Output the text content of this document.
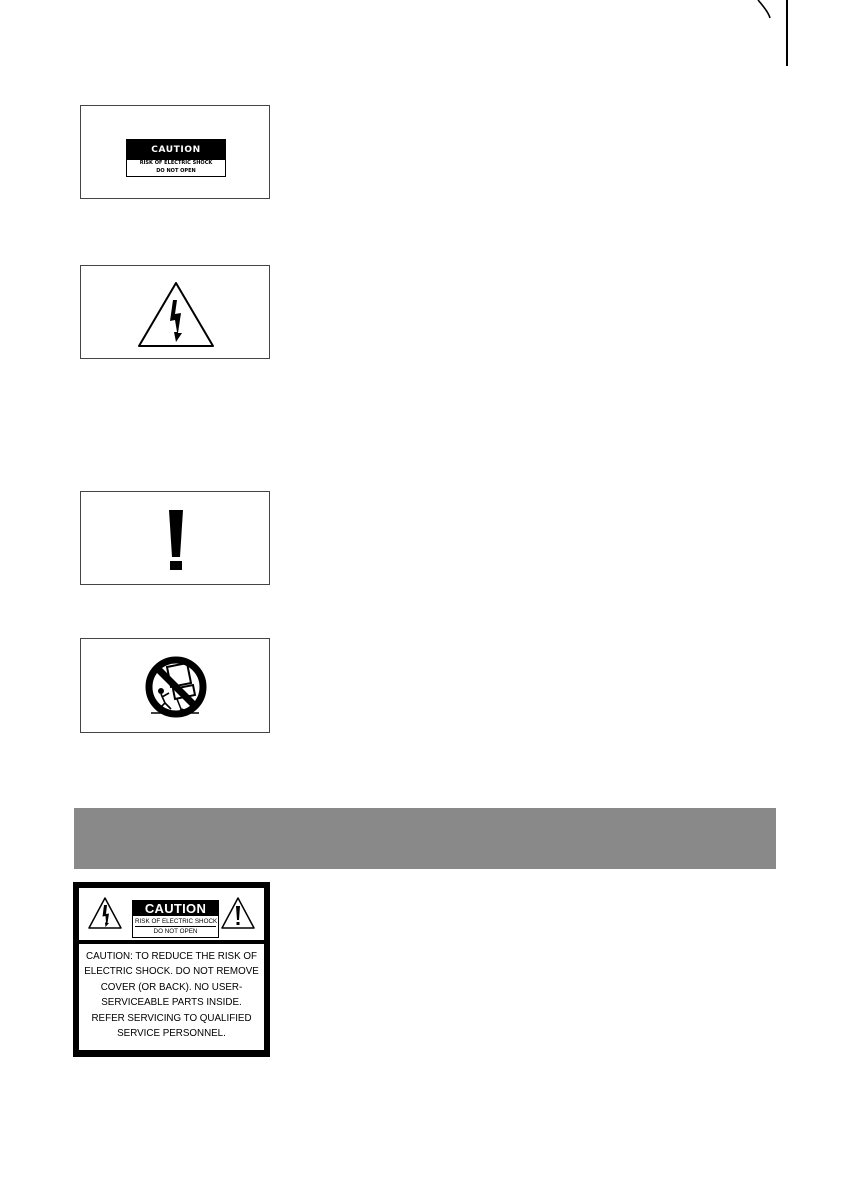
CAUTION
RISK OF ELECTRIC SHOCK
DO NOT OPEN
CAUTION
RISK OF ELECTRIC SHOCK
DO NOT OPEN
CAUTION: TO REDUCE THE RISK OF
ELECTRIC SHOCK. DO NOT REMOVE
COVER (OR BACK). NO USER-
SERVICEABLE PARTS INSIDE.
REFER SERVICING TO QUALIFIED
SERVICE PERSONNEL.
